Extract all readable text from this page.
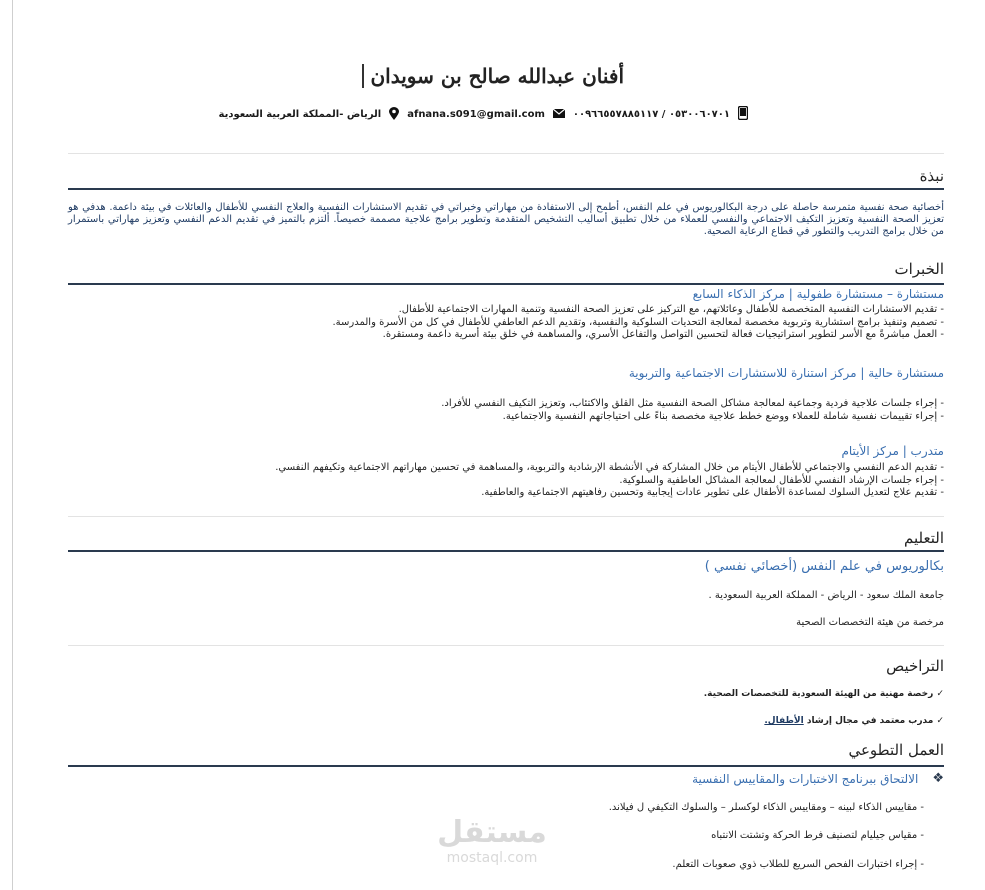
أفنان عبدالله صالح بن سويدان
٠٥٣٠٠٦٠٧٠١ / ٠٠٩٦٦٥٥٧٨٨٥١١٧
afnana.s091@gmail.com
الرياض -المملكة العربية السعودية
نبذة
أخصائية صحة نفسية متمرسة حاصلة على درجة البكالوريوس في علم النفس، أطمح إلى الاستفادة من مهاراتي وخبراتي في تقديم الاستشارات النفسية والعلاج النفسي للأطفال والعائلات في بيئة داعمة. هدفي هو تعزيز الصحة النفسية وتعزيز التكيف الاجتماعي والنفسي للعملاء من خلال تطبيق أساليب التشخيص المتقدمة وتطوير برامج علاجية مصممة خصيصاً. ألتزم بالتميز في تقديم الدعم النفسي وتعزيز مهاراتي باستمرار من خلال برامج التدريب والتطور في قطاع الرعاية الصحية.
الخبرات
مستشارة – مستشارة طفولية | مركز الذكاء السابع
- تقديم الاستشارات النفسية المتخصصة للأطفال وعائلاتهم، مع التركيز على تعزيز الصحة النفسية وتنمية المهارات الاجتماعية للأطفال.
- تصميم وتنفيذ برامج استشارية وتربوية مخصصة لمعالجة التحديات السلوكية والنفسية، وتقديم الدعم العاطفي للأطفال في كل من الأسرة والمدرسة.
- العمل مباشرةً مع الأسر لتطوير استراتيجيات فعالة لتحسين التواصل والتفاعل الأسري، والمساهمة في خلق بيئة أسرية داعمة ومستقرة.
مستشارة حالية | مركز استنارة للاستشارات الاجتماعية والتربوية
- إجراء جلسات علاجية فردية وجماعية لمعالجة مشاكل الصحة النفسية مثل القلق والاكتئاب، وتعزيز التكيف النفسي للأفراد.
- إجراء تقييمات نفسية شاملة للعملاء ووضع خطط علاجية مخصصة بناءً على احتياجاتهم النفسية والاجتماعية.
متدرب | مركز الأيتام
- تقديم الدعم النفسي والاجتماعي للأطفال الأيتام من خلال المشاركة في الأنشطة الإرشادية والتربوية، والمساهمة في تحسين مهاراتهم الاجتماعية وتكيفهم النفسي.
- إجراء جلسات الإرشاد النفسي للأطفال لمعالجة المشاكل العاطفية والسلوكية.
- تقديم علاج لتعديل السلوك لمساعدة الأطفال على تطوير عادات إيجابية وتحسين رفاهيتهم الاجتماعية والعاطفية.
التعليم
بكالوريوس في علم النفس (أخصائي نفسي )
جامعة الملك سعود - الرياض - المملكة العربية السعودية .
مرخصة من هيئة التخصصات الصحية
التراخيص
✓ رخصة مهنية من الهيئة السعودية للتخصصات الصحية.
✓ مدرب معتمد في مجال إرشاد الأطفال.
العمل التطوعي
❖
الالتحاق ببرنامج الاختبارات والمقاييس النفسية
- مقاييس الذكاء لبينه – ومقاييس الذكاء لوكسلر – والسلوك التكيفي ل فيلاند.
- مقياس جيليام لتصنيف فرط الحركة وتشتت الانتباه
- إجراء اختبارات الفحص السريع للطلاب ذوي صعوبات التعلم.
مستقل
mostaql.com
